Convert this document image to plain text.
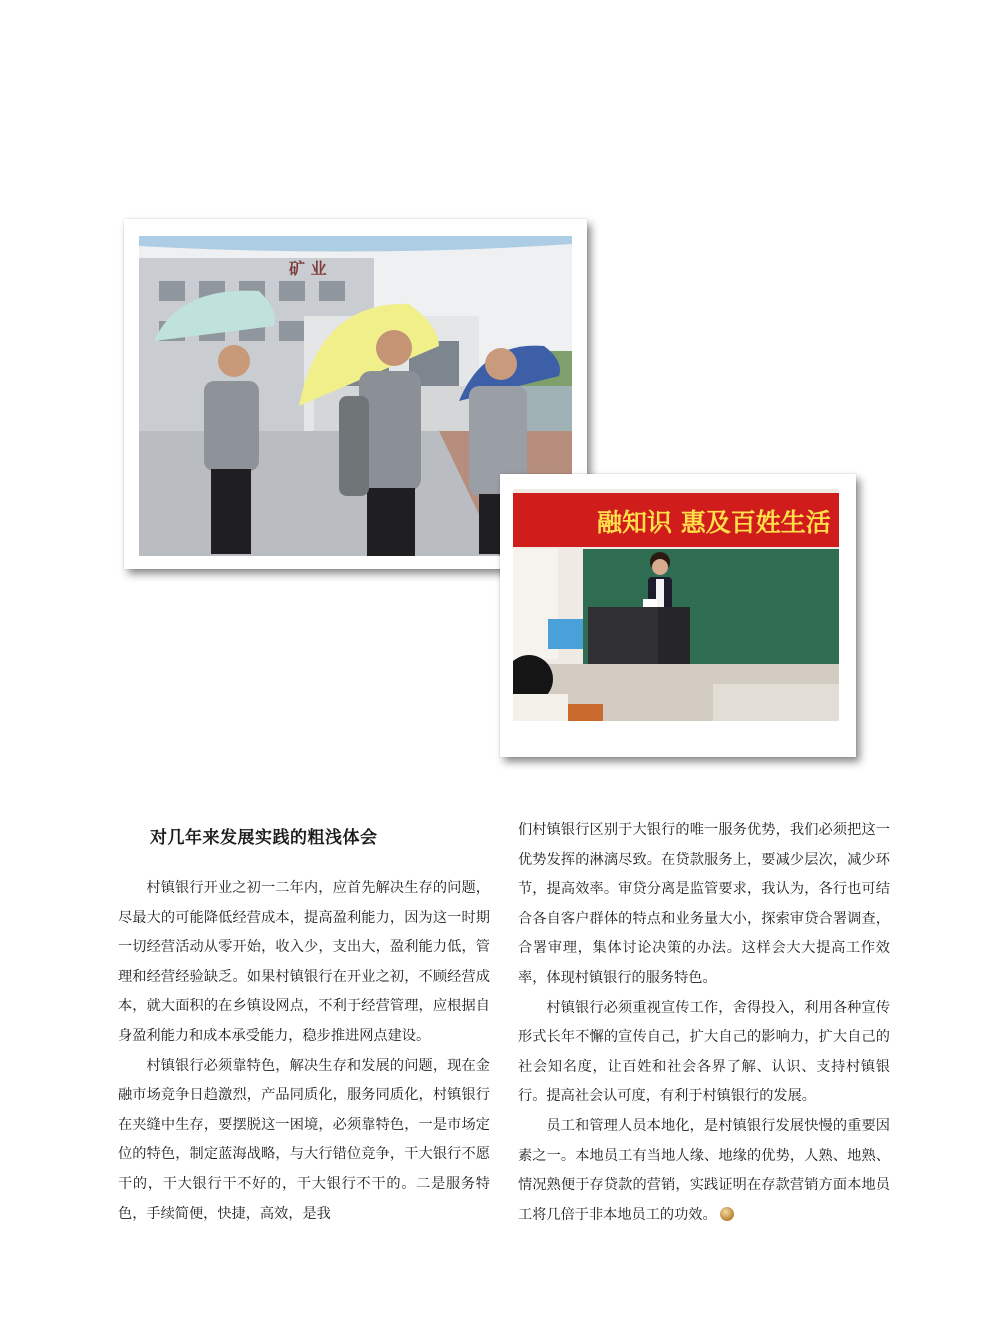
矿 业
融知识 惠及百姓生活
对几年来发展实践的粗浅体会

村镇银行开业之初一二年内，应首先解决生存的问题，尽最大的可能降低经营成本，提高盈利能力，因为这一时期一切经营活动从零开始，收入少，支出大，盈利能力低，管理和经营经验缺乏。如果村镇银行在开业之初，不顾经营成本，就大面积的在乡镇设网点，不利于经营管理，应根据自身盈利能力和成本承受能力，稳步推进网点建设。

村镇银行必须靠特色，解决生存和发展的问题，现在金融市场竞争日趋激烈，产品同质化，服务同质化，村镇银行在夹缝中生存，要摆脱这一困境，必须靠特色，一是市场定位的特色，制定蓝海战略，与大行错位竞争，干大银行不愿干的，干大银行干不好的，干大银行不干的。二是服务特色，手续简便，快捷，高效，是我

们村镇银行区别于大银行的唯一服务优势，我们必须把这一优势发挥的淋漓尽致。在贷款服务上，要减少层次，减少环节，提高效率。审贷分离是监管要求，我认为，各行也可结合各自客户群体的特点和业务量大小，探索审贷合署调查，合署审理，集体讨论决策的办法。这样会大大提高工作效率，体现村镇银行的服务特色。

村镇银行必须重视宣传工作，舍得投入，利用各种宣传形式长年不懈的宣传自己，扩大自己的影响力，扩大自己的社会知名度，让百姓和社会各界了解、认识、支持村镇银行。提高社会认可度，有利于村镇银行的发展。

员工和管理人员本地化，是村镇银行发展快慢的重要因素之一。本地员工有当地人缘、地缘的优势，人熟、地熟、情况熟便于存贷款的营销，实践证明在存款营销方面本地员工将几倍于非本地员工的功效。
